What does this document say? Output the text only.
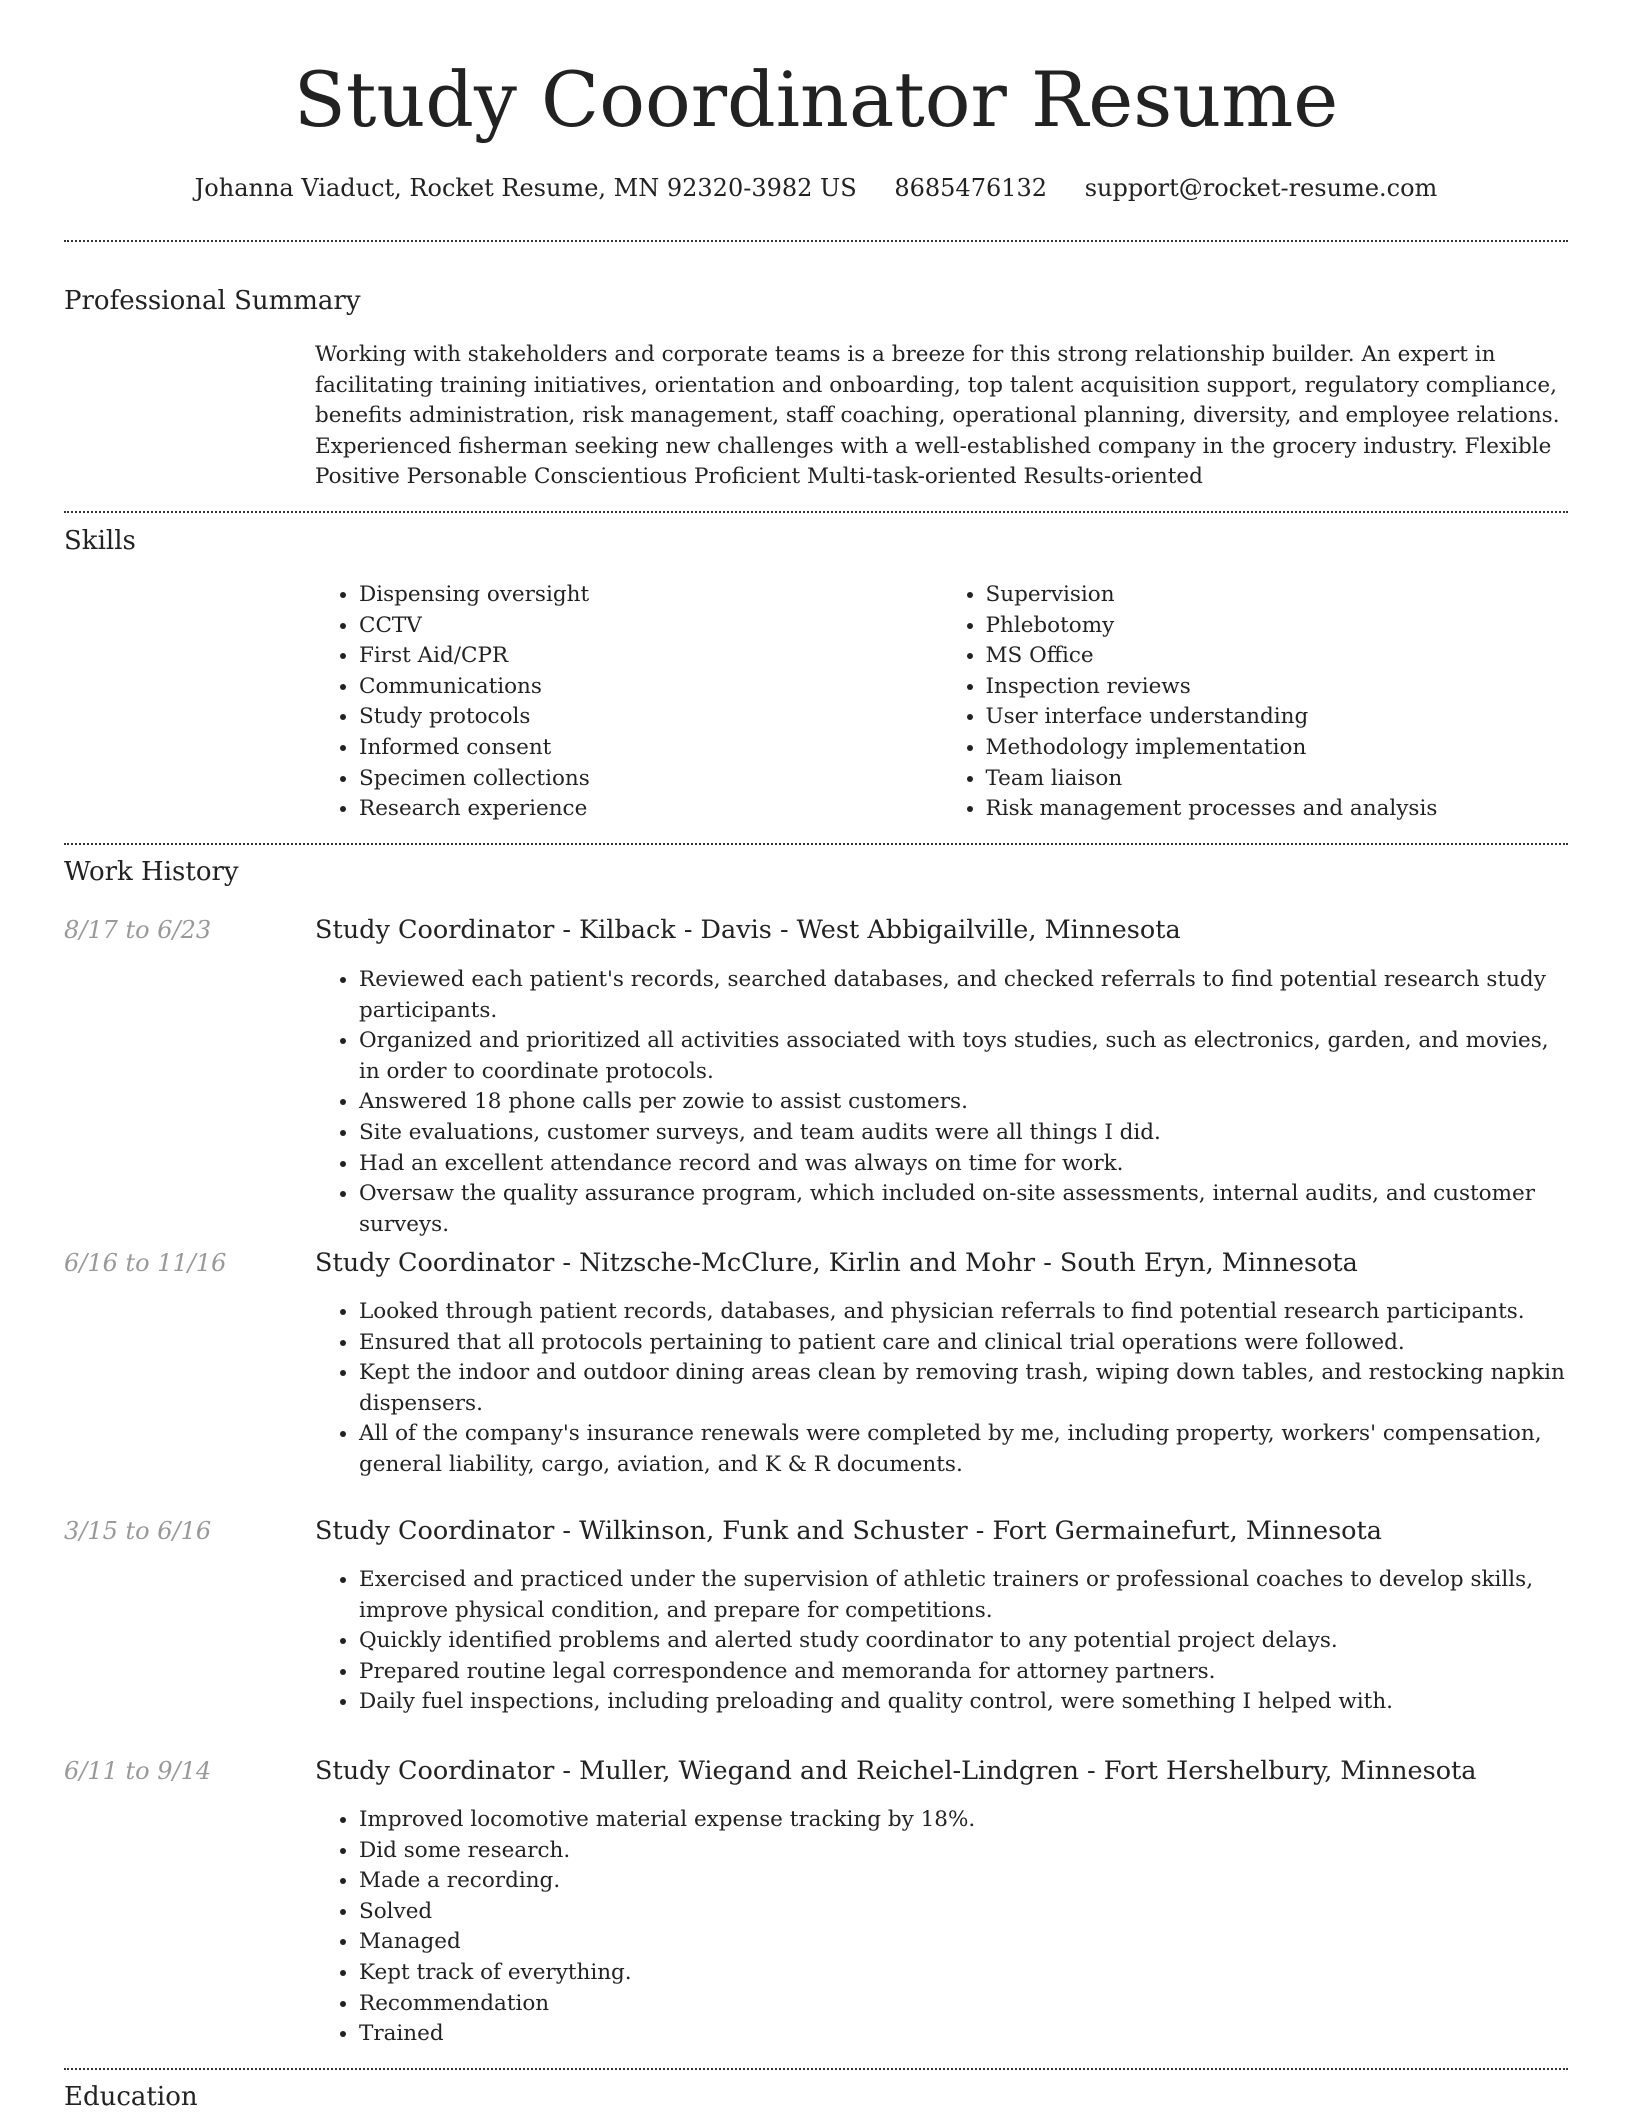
Study Coordinator Resume
Johanna Viaduct, Rocket Resume, MN 92320-3982 US 8685476132 support@rocket-resume.com
Professional Summary

Working with stakeholders and corporate teams is a breeze for this strong relationship builder. An expert in facilitating training initiatives, orientation and onboarding, top talent acquisition support, regulatory compliance, benefits administration, risk management, staff coaching, operational planning, diversity, and employee relations. Experienced fisherman seeking new challenges with a well-established company in the grocery industry. Flexible Positive Personable Conscientious Proficient Multi-task-oriented Results-oriented

Skills
• Dispensing oversight
• CCTV
• First Aid/CPR
• Communications
• Study protocols
• Informed consent
• Specimen collections
• Research experience
• Supervision
• Phlebotomy
• MS Office
• Inspection reviews
• User interface understanding
• Methodology implementation
• Team liaison
• Risk management processes and analysis
Work History
8/17 to 6/23	Study Coordinator - Kilback - Davis - West Abbigailville, Minnesota
• Reviewed each patient's records, searched databases, and checked referrals to find potential research study participants.
• Organized and prioritized all activities associated with toys studies, such as electronics, garden, and movies, in order to coordinate protocols.
• Answered 18 phone calls per zowie to assist customers.
• Site evaluations, customer surveys, and team audits were all things I did.
• Had an excellent attendance record and was always on time for work.
• Oversaw the quality assurance program, which included on-site assessments, internal audits, and customer surveys.
6/16 to 11/16	Study Coordinator - Nitzsche-McClure, Kirlin and Mohr - South Eryn, Minnesota
• Looked through patient records, databases, and physician referrals to find potential research participants.
• Ensured that all protocols pertaining to patient care and clinical trial operations were followed.
• Kept the indoor and outdoor dining areas clean by removing trash, wiping down tables, and restocking napkin dispensers.
• All of the company's insurance renewals were completed by me, including property, workers' compensation, general liability, cargo, aviation, and K & R documents.
3/15 to 6/16	Study Coordinator - Wilkinson, Funk and Schuster - Fort Germainefurt, Minnesota
• Exercised and practiced under the supervision of athletic trainers or professional coaches to develop skills, improve physical condition, and prepare for competitions.
• Quickly identified problems and alerted study coordinator to any potential project delays.
• Prepared routine legal correspondence and memoranda for attorney partners.
• Daily fuel inspections, including preloading and quality control, were something I helped with.
6/11 to 9/14	Study Coordinator - Muller, Wiegand and Reichel-Lindgren - Fort Hershelbury, Minnesota
• Improved locomotive material expense tracking by 18%.
• Did some research.
• Made a recording.
• Solved
• Managed
• Kept track of everything.
• Recommendation
• Trained
Education
